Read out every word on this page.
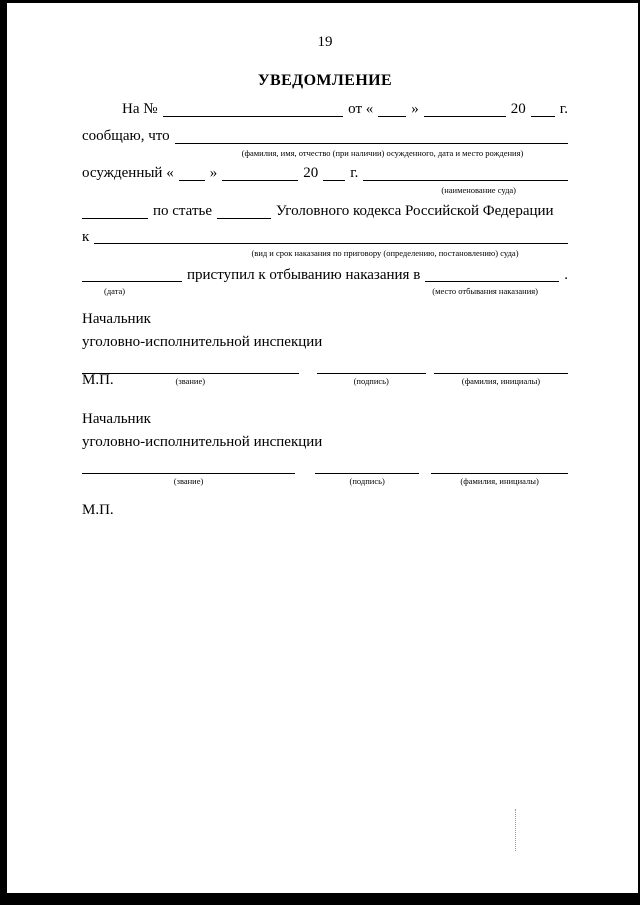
19
УВЕДОМЛЕНИЕ
На №	от «	»	20 г.
сообщаю, что
(фамилия, имя, отчество (при наличии) осужденного, дата и место рождения)
осужденный « »	20 г.
(наименование суда)
по статье	Уголовного кодекса Российской Федерации
к
(вид и срок наказания по приговору (определению, постановлению) суда)
приступил к отбыванию наказания в	.
(дата)	(место отбывания наказания)
Начальник
уголовно-исполнительной инспекции
М.П.	(звание)	(подпись)	(фамилия, инициалы)
Начальник
уголовно-исполнительной инспекции
(звание)	(подпись)	(фамилия, инициалы)
М.П.
